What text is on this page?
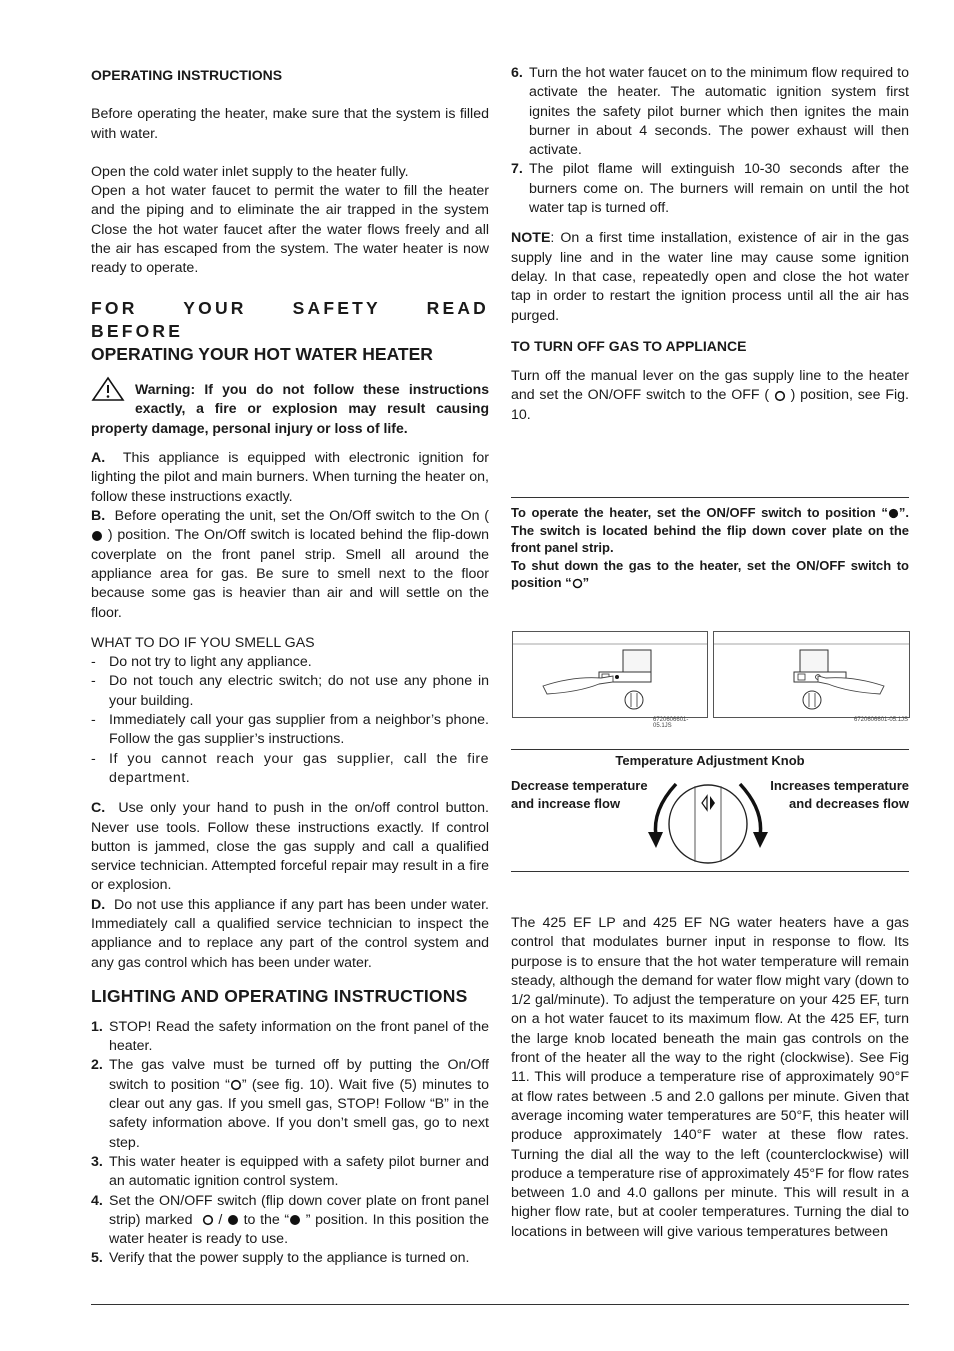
OPERATING INSTRUCTIONS

Before operating the heater, make sure that the system is filled with water.

Open the cold water inlet supply to the heater fully.

Open a hot water faucet to permit the water to fill the heater and the piping and to eliminate the air trapped in the system Close the hot water faucet after the water flows freely and all the air has escaped from the system. The water heater is now ready to operate.

FOR YOUR SAFETY READ BEFORE
OPERATING YOUR HOT WATER HEATER

Warning: If you do not follow these instructions exactly, a fire or explosion may result causing property damage, personal injury or loss of life.

A. This appliance is equipped with electronic ignition for lighting the pilot and main burners. When turning the heater on, follow these instructions exactly.

B. Before operating the unit, set the On/Off switch to the On ( ) position. The On/Off switch is located behind the flip-down coverplate on the front panel strip. Smell all around the appliance area for gas. Be sure to smell next to the floor because some gas is heavier than air and will settle on the floor.

WHAT TO DO IF YOU SMELL GAS

- Do not try to light any appliance.
- Do not touch any electric switch; do not use any phone in your building.
- Immediately call your gas supplier from a neighbor’s phone. Follow the gas supplier’s instructions.
- If you cannot reach your gas supplier, call the fire department.

C. Use only your hand to push in the on/off control button. Never use tools. Follow these instructions exactly. If control button is jammed, close the gas supply and call a qualified service technician. Attempted forceful repair may result in a fire or explosion.

D. Do not use this appliance if any part has been under water. Immediately call a qualified service technician to inspect the appliance and to replace any part of the control system and any gas control which has been under water.

LIGHTING AND OPERATING INSTRUCTIONS

1. STOP! Read the safety information on the front panel of the heater.
2. The gas valve must be turned off by putting the On/Off switch to position “ ” (see fig. 10). Wait five (5) minutes to clear out any gas. If you smell gas, STOP! Follow “B” in the safety information above. If you don’t smell gas, go to next step.
3. This water heater is equipped with a safety pilot burner and an automatic ignition control system.
4. Set the ON/OFF switch (flip down cover plate on front panel strip) marked / to the “ ” position. In this position the water heater is ready to use.
5. Verify that the power supply to the appliance is turned on.
6. Turn the hot water faucet on to the minimum flow required to activate the heater. The automatic ignition system first ignites the safety pilot burner which then ignites the main burner in about 4 seconds. The power exhaust will then activate.
7. The pilot flame will extinguish 10-30 seconds after the burners come on. The burners will remain on until the hot water tap is turned off.

NOTE: On a first time installation, existence of air in the gas supply line and in the water line may cause some ignition delay. In that case, repeatedly open and close the hot water tap in order to restart the ignition process until all the air has purged.

TO TURN OFF GAS TO APPLIANCE

Turn off the manual lever on the gas supply line to the heater and set the ON/OFF switch to the OFF ( ) position, see Fig. 10.

To operate the heater, set the ON/OFF switch to position “ ”. The switch is located behind the flip down cover plate on the front panel strip.

To shut down the gas to the heater, set the ON/OFF switch to position “ ”

6720606601-05.1JS
6720606601-05.1JS
Temperature Adjustment Knob
Decrease temperature and increase flow
Increases temperature and decreases flow

The 425 EF LP and 425 EF NG water heaters have a gas control that modulates burner input in response to flow. Its purpose is to ensure that the hot water temperature will remain steady, although the demand for water flow might vary (down to 1/2 gal/minute). To adjust the temperature on your 425 EF, turn on a hot water faucet to its maximum flow. At the 425 EF, turn the large knob located beneath the main gas controls on the front of the heater all the way to the right (clockwise). See Fig 11. This will produce a temperature rise of approximately 90°F at flow rates between .5 and 2.0 gallons per minute. Given that average incoming water temperatures are 50°F, this heater will produce approximately 140°F water at these flow rates. Turning the dial all the way to the left (counterclockwise) will produce a temperature rise of approximately 45°F for flow rates between 1.0 and 4.0 gallons per minute. This will result in a higher flow rate, but at cooler temperatures. Turning the dial to locations in between will give various temperatures between
